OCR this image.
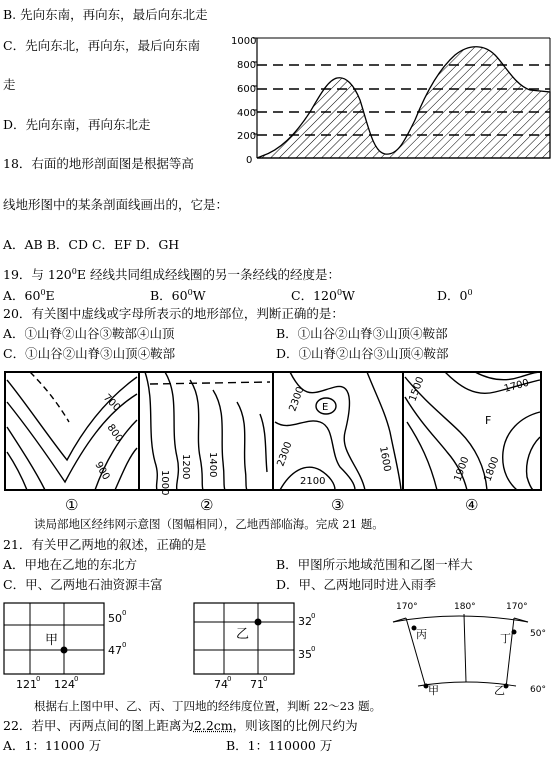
B. 先向东南，再向东，最后向东北走
C．先向东北，再向东，最后向东南
走
D．先向东南，再向东北走
18．右面的地形剖面图是根据等高
线地形图中的某条剖面线画出的，它是：
A．AB B．CD C．EF D．GH
1000
800
600
400
200
0
19．与 $120^0E$ 经线共同组成经线圈的另一条经线的经度是：
A．$60^0E$	B．$60^0W$	C．$120^0W$	D．$0^0$
20．有关图中虚线或字母所表示的地形部位，判断正确的是：
A．①山脊②山谷③鞍部④山顶	B．①山谷②山脊③山顶④鞍部
C．①山谷②山脊③山顶④鞍部	D．①山脊②山谷③山顶④鞍部
700
800
900	1000
1200 1400
E
2300
2300
2100
1600
F
1500	1700
1800
1900
①	②	③	④
读局部地区经纬网示意图（图幅相同），乙地西部临海。完成 21 题。
21．有关甲乙两地的叙述，正确的是
A．甲地在乙地的东北方	B．甲图所示地域范围和乙图一样大
C．甲、乙两地石油资源丰富	D．甲、乙两地同时进入雨季
甲
50 0
47 0
121 0 124 0
乙
32 0
35 0
74 0 71 0
170°	180°	170°
丙	丁
甲	乙
50°
60°
根据右上图中甲、乙、丙、丁四地的经纬度位置，判断 22～23 题。
22．若甲、丙两点间的图上距离为2.2cm，则该图的比例尺约为
A．1：11000 万	B．1：110000 万
